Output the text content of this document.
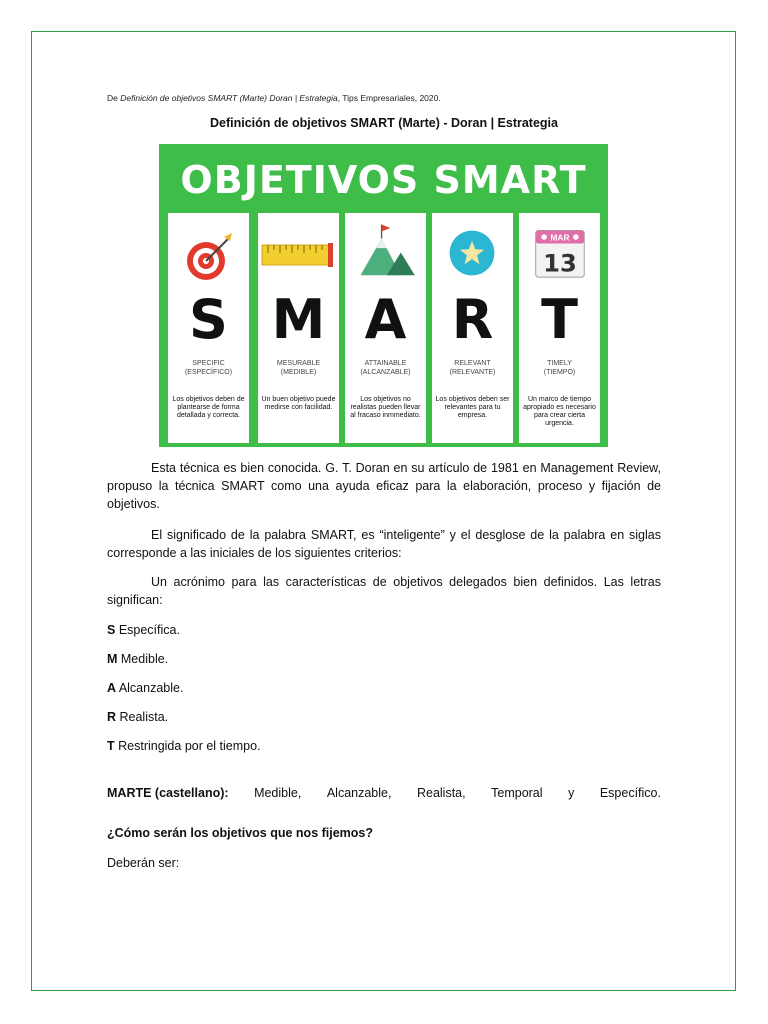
De Definición de objetivos SMART (Marte) Doran | Estrategia, Tips Empresariales, 2020.
Definición de objetivos SMART (Marte) - Doran | Estrategia
OBJETIVOS SMART
S
SPECIFIC
(ESPECÍFICO)
Los objetivos deben de plantearse de forma detallada y correcta.
M
MESURABLE
(MEDIBLE)
Un buen objetivo puede medirse con facilidad.
A
ATTAINABLE
(ALCANZABLE)
Los objetivos no realistas pueden llevar al fracaso inmmediato.
R
RELEVANT
(RELEVANTE)
Los objetivos deben ser relevantes para tu empresa.
MAR
13
T
TIMELY
(TIEMPO)
Un marco de tiempo apropiado es necesario para crear cierta urgencia.
Esta técnica es bien conocida. G. T. Doran en su artículo de 1981 en Management Review, propuso la técnica SMART como una ayuda eficaz para la elaboración, proceso y fijación de objetivos.
El significado de la palabra SMART, es “inteligente” y el desglose de la palabra en siglas corresponde a las iniciales de los siguientes criterios:
Un acrónimo para las características de objetivos delegados bien definidos. Las letras significan:
S Específica.
M Medible.
A Alcanzable.
R Realista.
T Restringida por el tiempo.
MARTE (castellano): Medible, Alcanzable, Realista, Temporal y Específico.
¿Cómo serán los objetivos que nos fijemos?
Deberán ser:
